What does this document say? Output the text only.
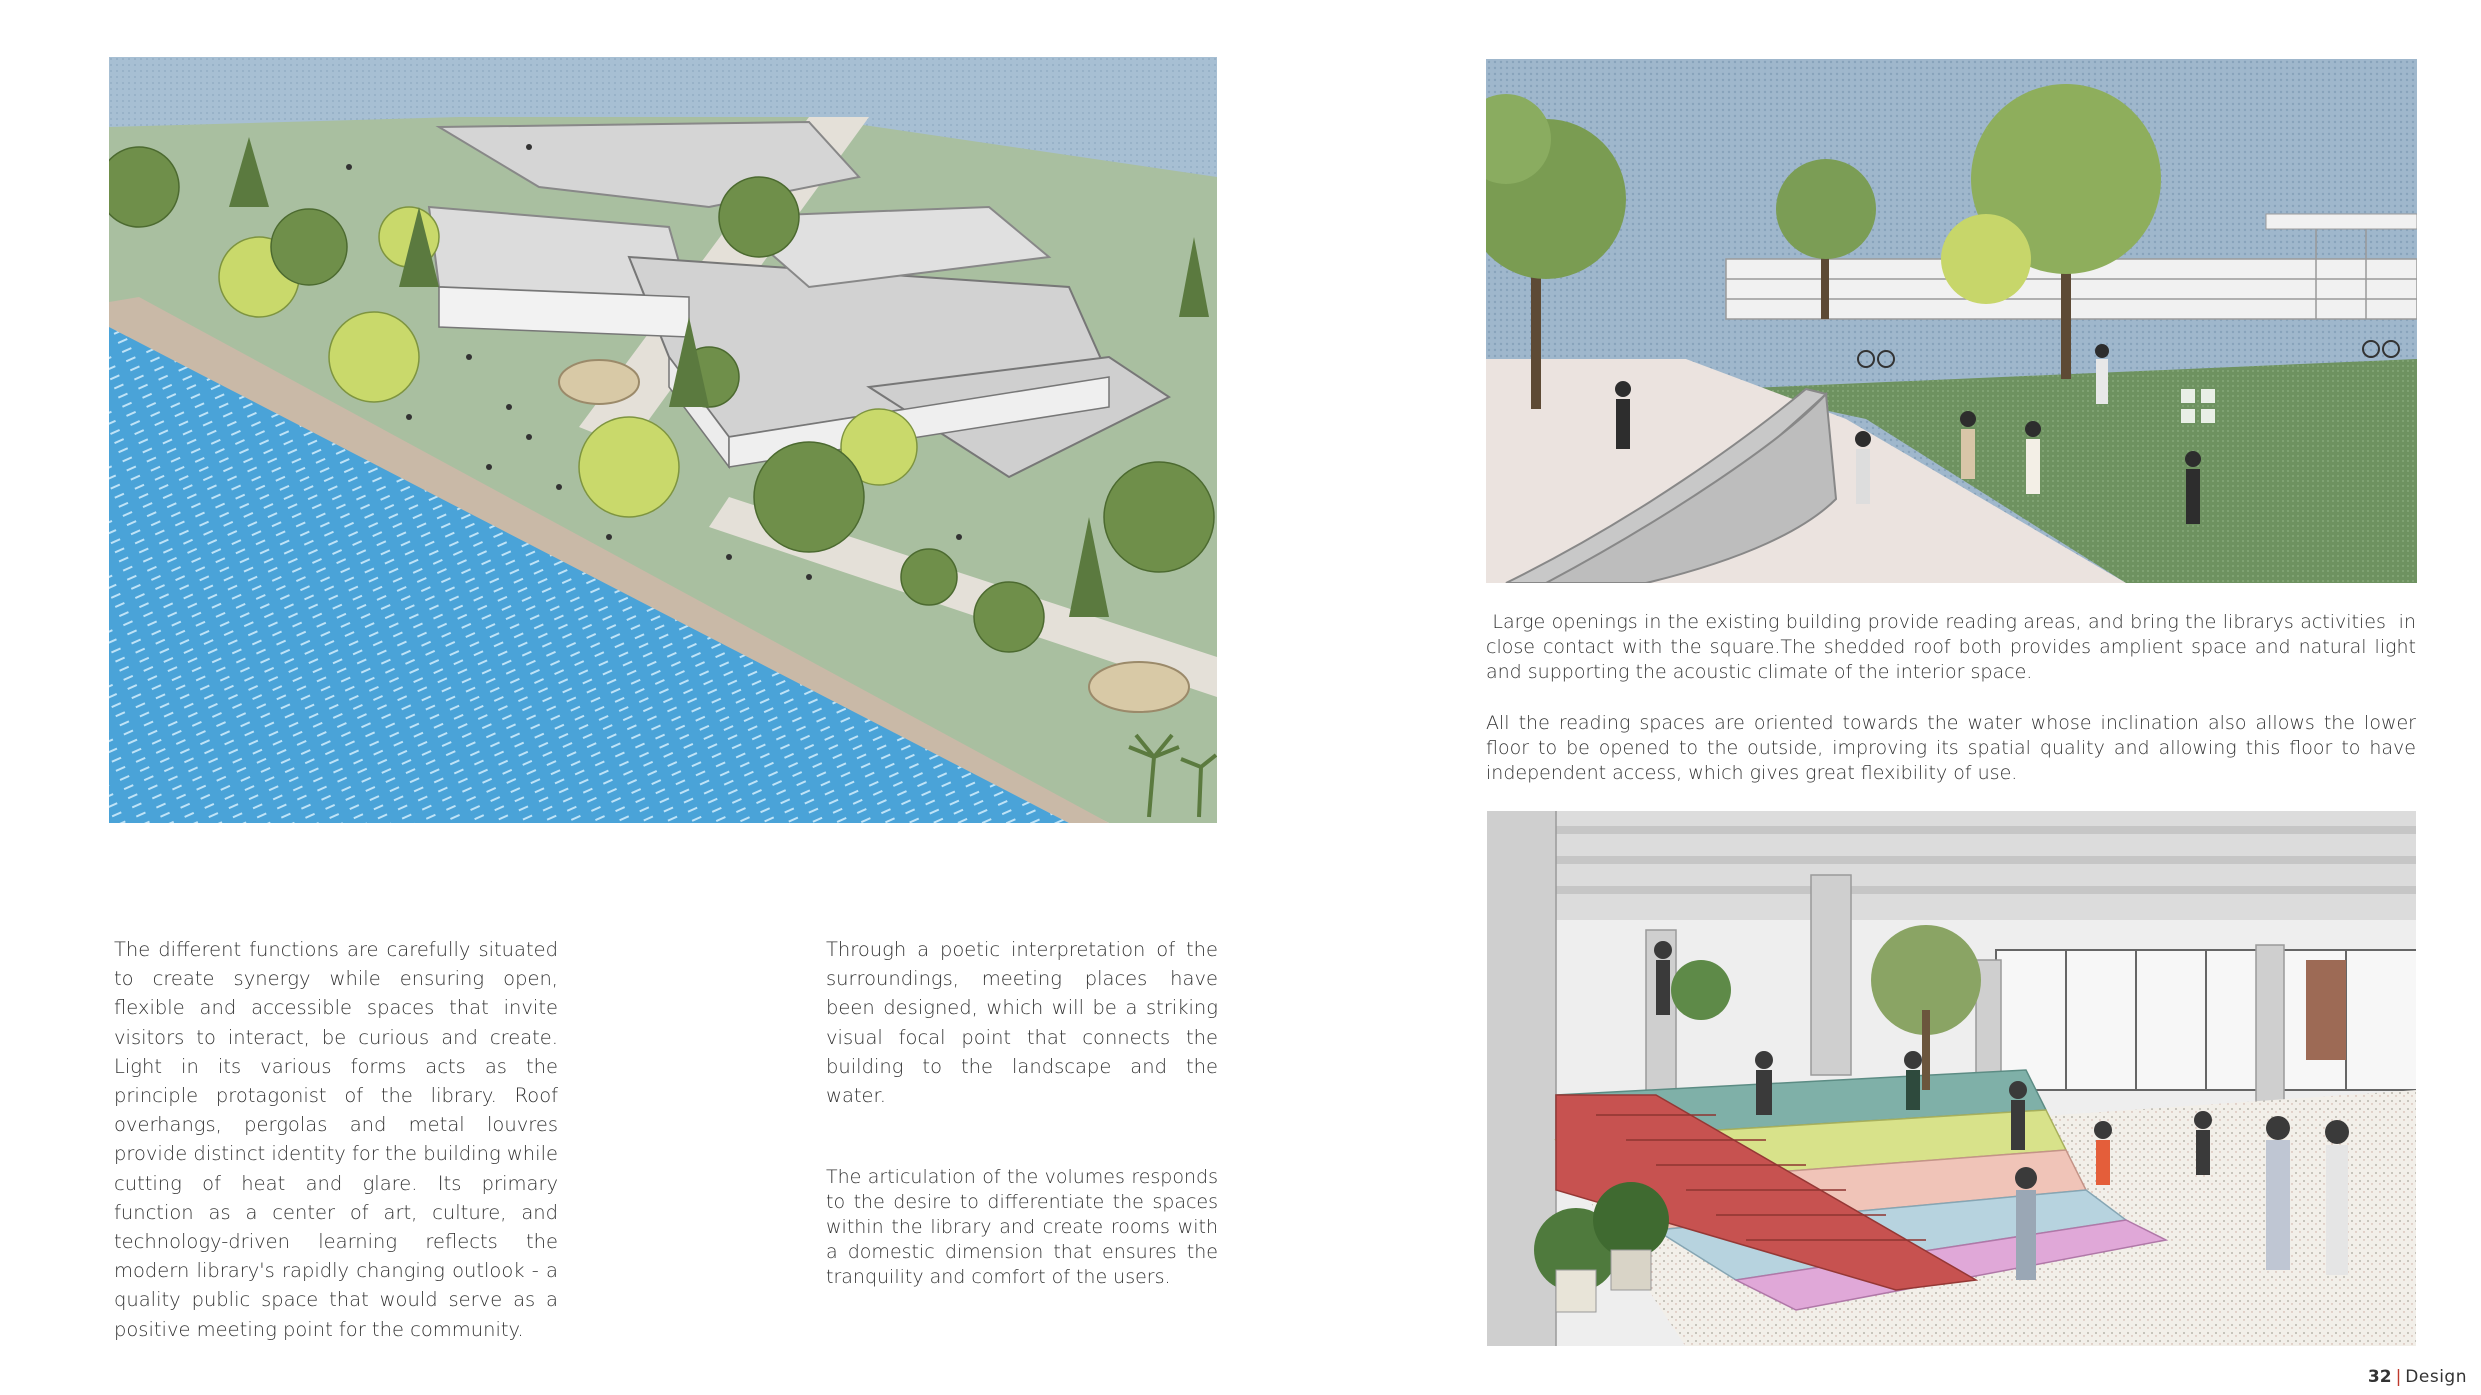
The different functions are carefully situated to create synergy while ensuring open, flexible and accessible spaces that invite visitors to interact, be curious and create. Light in its various forms acts as the principle protagonist of the library. Roof overhangs, pergolas and metal louvres provide distinct identity for the building while cutting of heat and glare. Its primary function as a center of art, culture, and technology-driven learning reflects the modern library's rapidly changing outlook - a quality public space that would serve as a positive meeting point for the community.

Through a poetic interpretation of the surroundings, meeting places have been designed, which will be a striking visual focal point that connects the building to the landscape and the water.

The articulation of the volumes responds to the desire to differentiate the spaces within the library and create rooms with a domestic dimension that ensures the tranquility and comfort of the users.

Large openings in the existing building provide reading areas, and bring the librarys activities  in close contact with the square.The shedded roof both provides amplient space and natural light and supporting the acoustic climate of the interior space.

All the reading spaces are oriented towards the water whose inclination also allows the lower floor to be opened to the outside, improving its spatial quality and allowing this floor to have independent access, which gives great flexibility of use.

32 | Design
